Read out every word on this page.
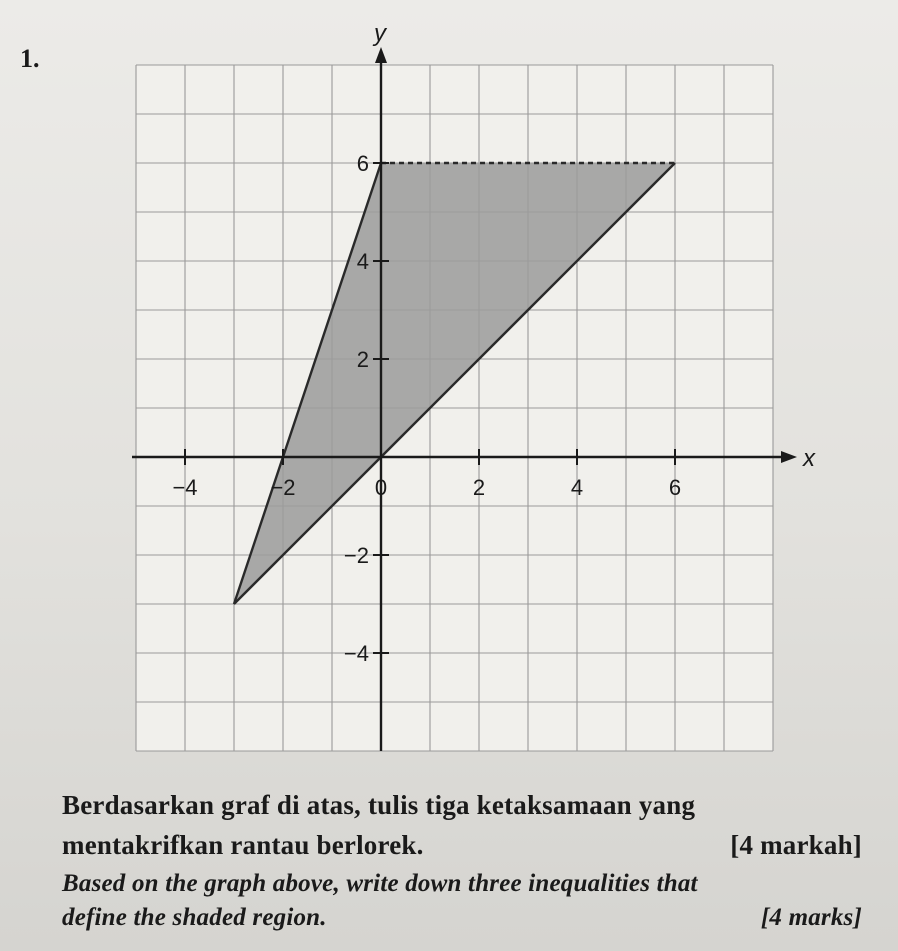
1.
x
y
−4	−2	0	2	4	6
−4
−2
2
4
6
Berdasarkan graf di atas, tulis tiga ketaksamaan yang
mentakrifkan rantau berlorek.	[4 markah]
Based on the graph above, write down three inequalities that
define the shaded region.	[4 marks]
